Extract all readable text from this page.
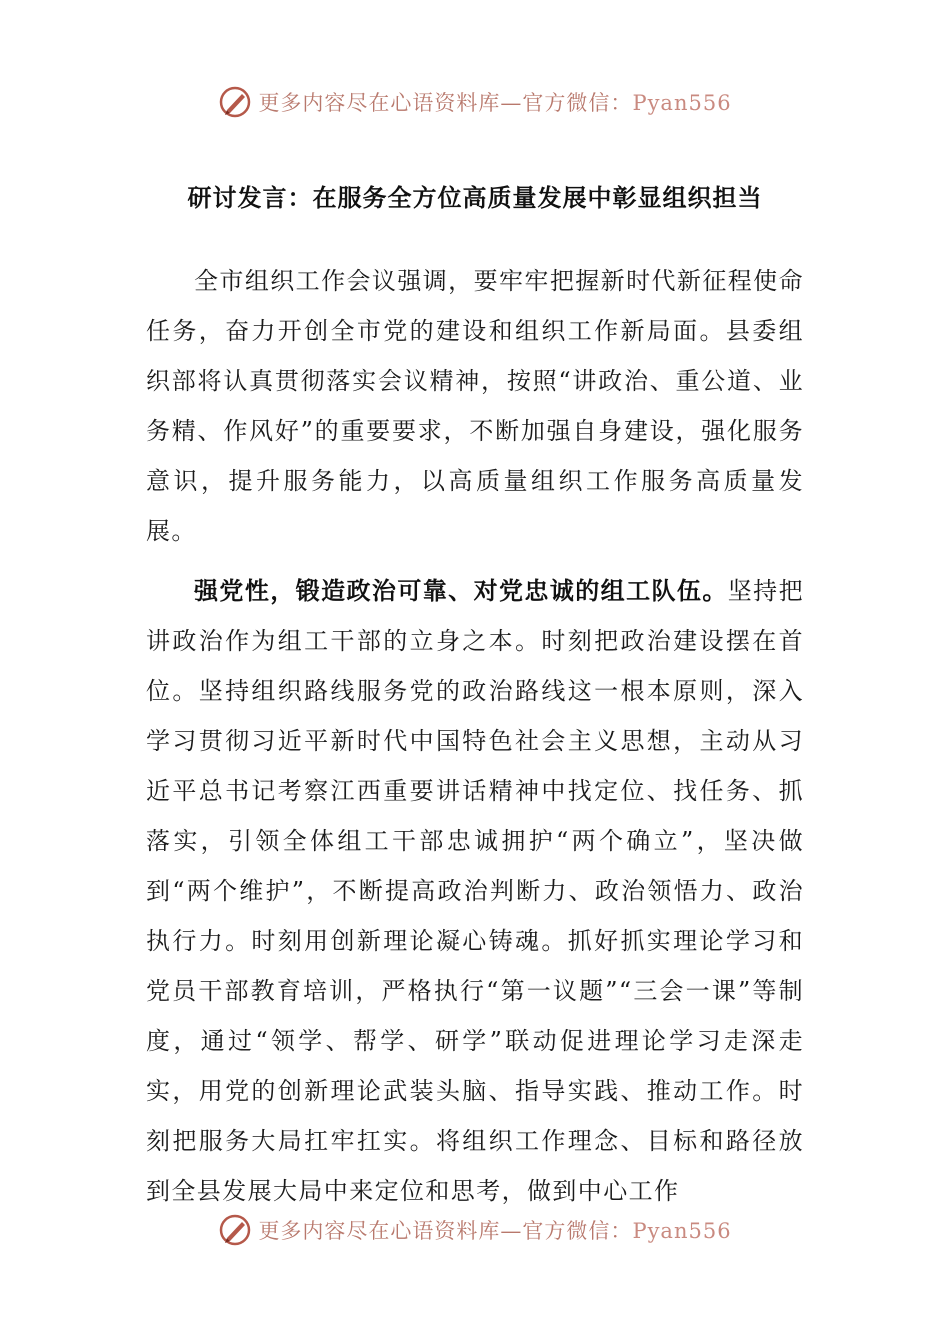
更多内容尽在心语资料库—官方微信：Pyan556
研讨发言：在服务全方位高质量发展中彰显组织担当

全市组织工作会议强调，要牢牢把握新时代新征程使命任务，奋力开创全市党的建设和组织工作新局面。县委组织部将认真贯彻落实会议精神，按照“讲政治、重公道、业务精、作风好”的重要要求，不断加强自身建设，强化服务意识，提升服务能力，以高质量组织工作服务高质量发展。

强党性，锻造政治可靠、对党忠诚的组工队伍。坚持把讲政治作为组工干部的立身之本。时刻把政治建设摆在首位。坚持组织路线服务党的政治路线这一根本原则，深入学习贯彻习近平新时代中国特色社会主义思想，主动从习近平总书记考察江西重要讲话精神中找定位、找任务、抓落实，引领全体组工干部忠诚拥护“两个确立”，坚决做到“两个维护”，不断提高政治判断力、政治领悟力、政治执行力。时刻用创新理论凝心铸魂。抓好抓实理论学习和党员干部教育培训，严格执行“第一议题”“三会一课”等制度，通过“领学、帮学、研学”联动促进理论学习走深走实，用党的创新理论武装头脑、指导实践、推动工作。时刻把服务大局扛牢扛实。将组织工作理念、目标和路径放到全县发展大局中来定位和思考，做到中心工作

更多内容尽在心语资料库—官方微信：Pyan556
